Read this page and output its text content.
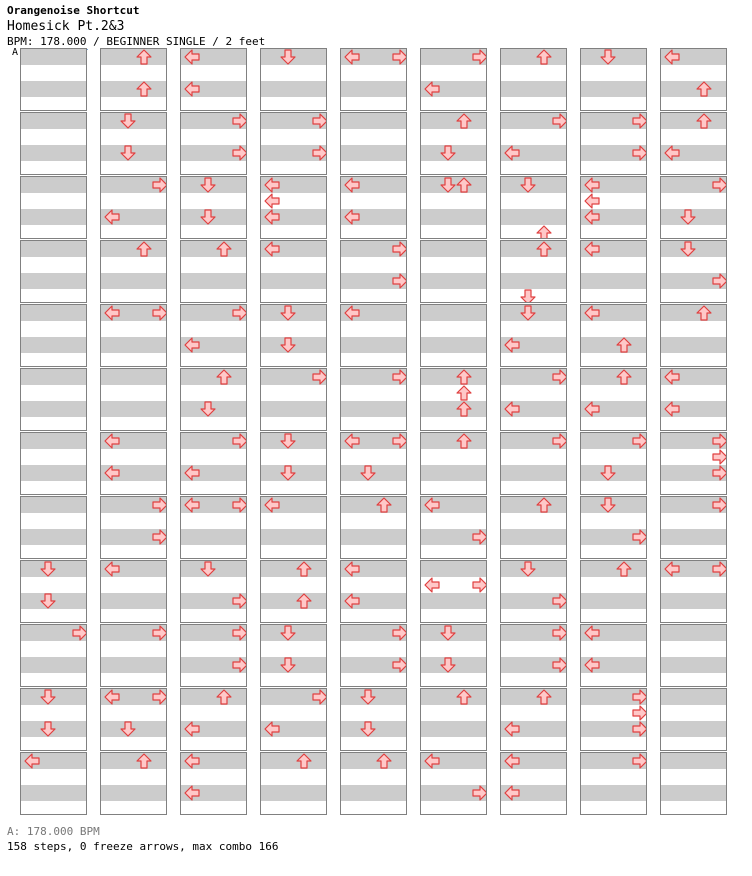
Orangenoise Shortcut
Homesick Pt.2&3
BPM: 178.000 / BEGINNER SINGLE / 2 feet
A
A: 178.000 BPM
158 steps, 0 freeze arrows, max combo 166
